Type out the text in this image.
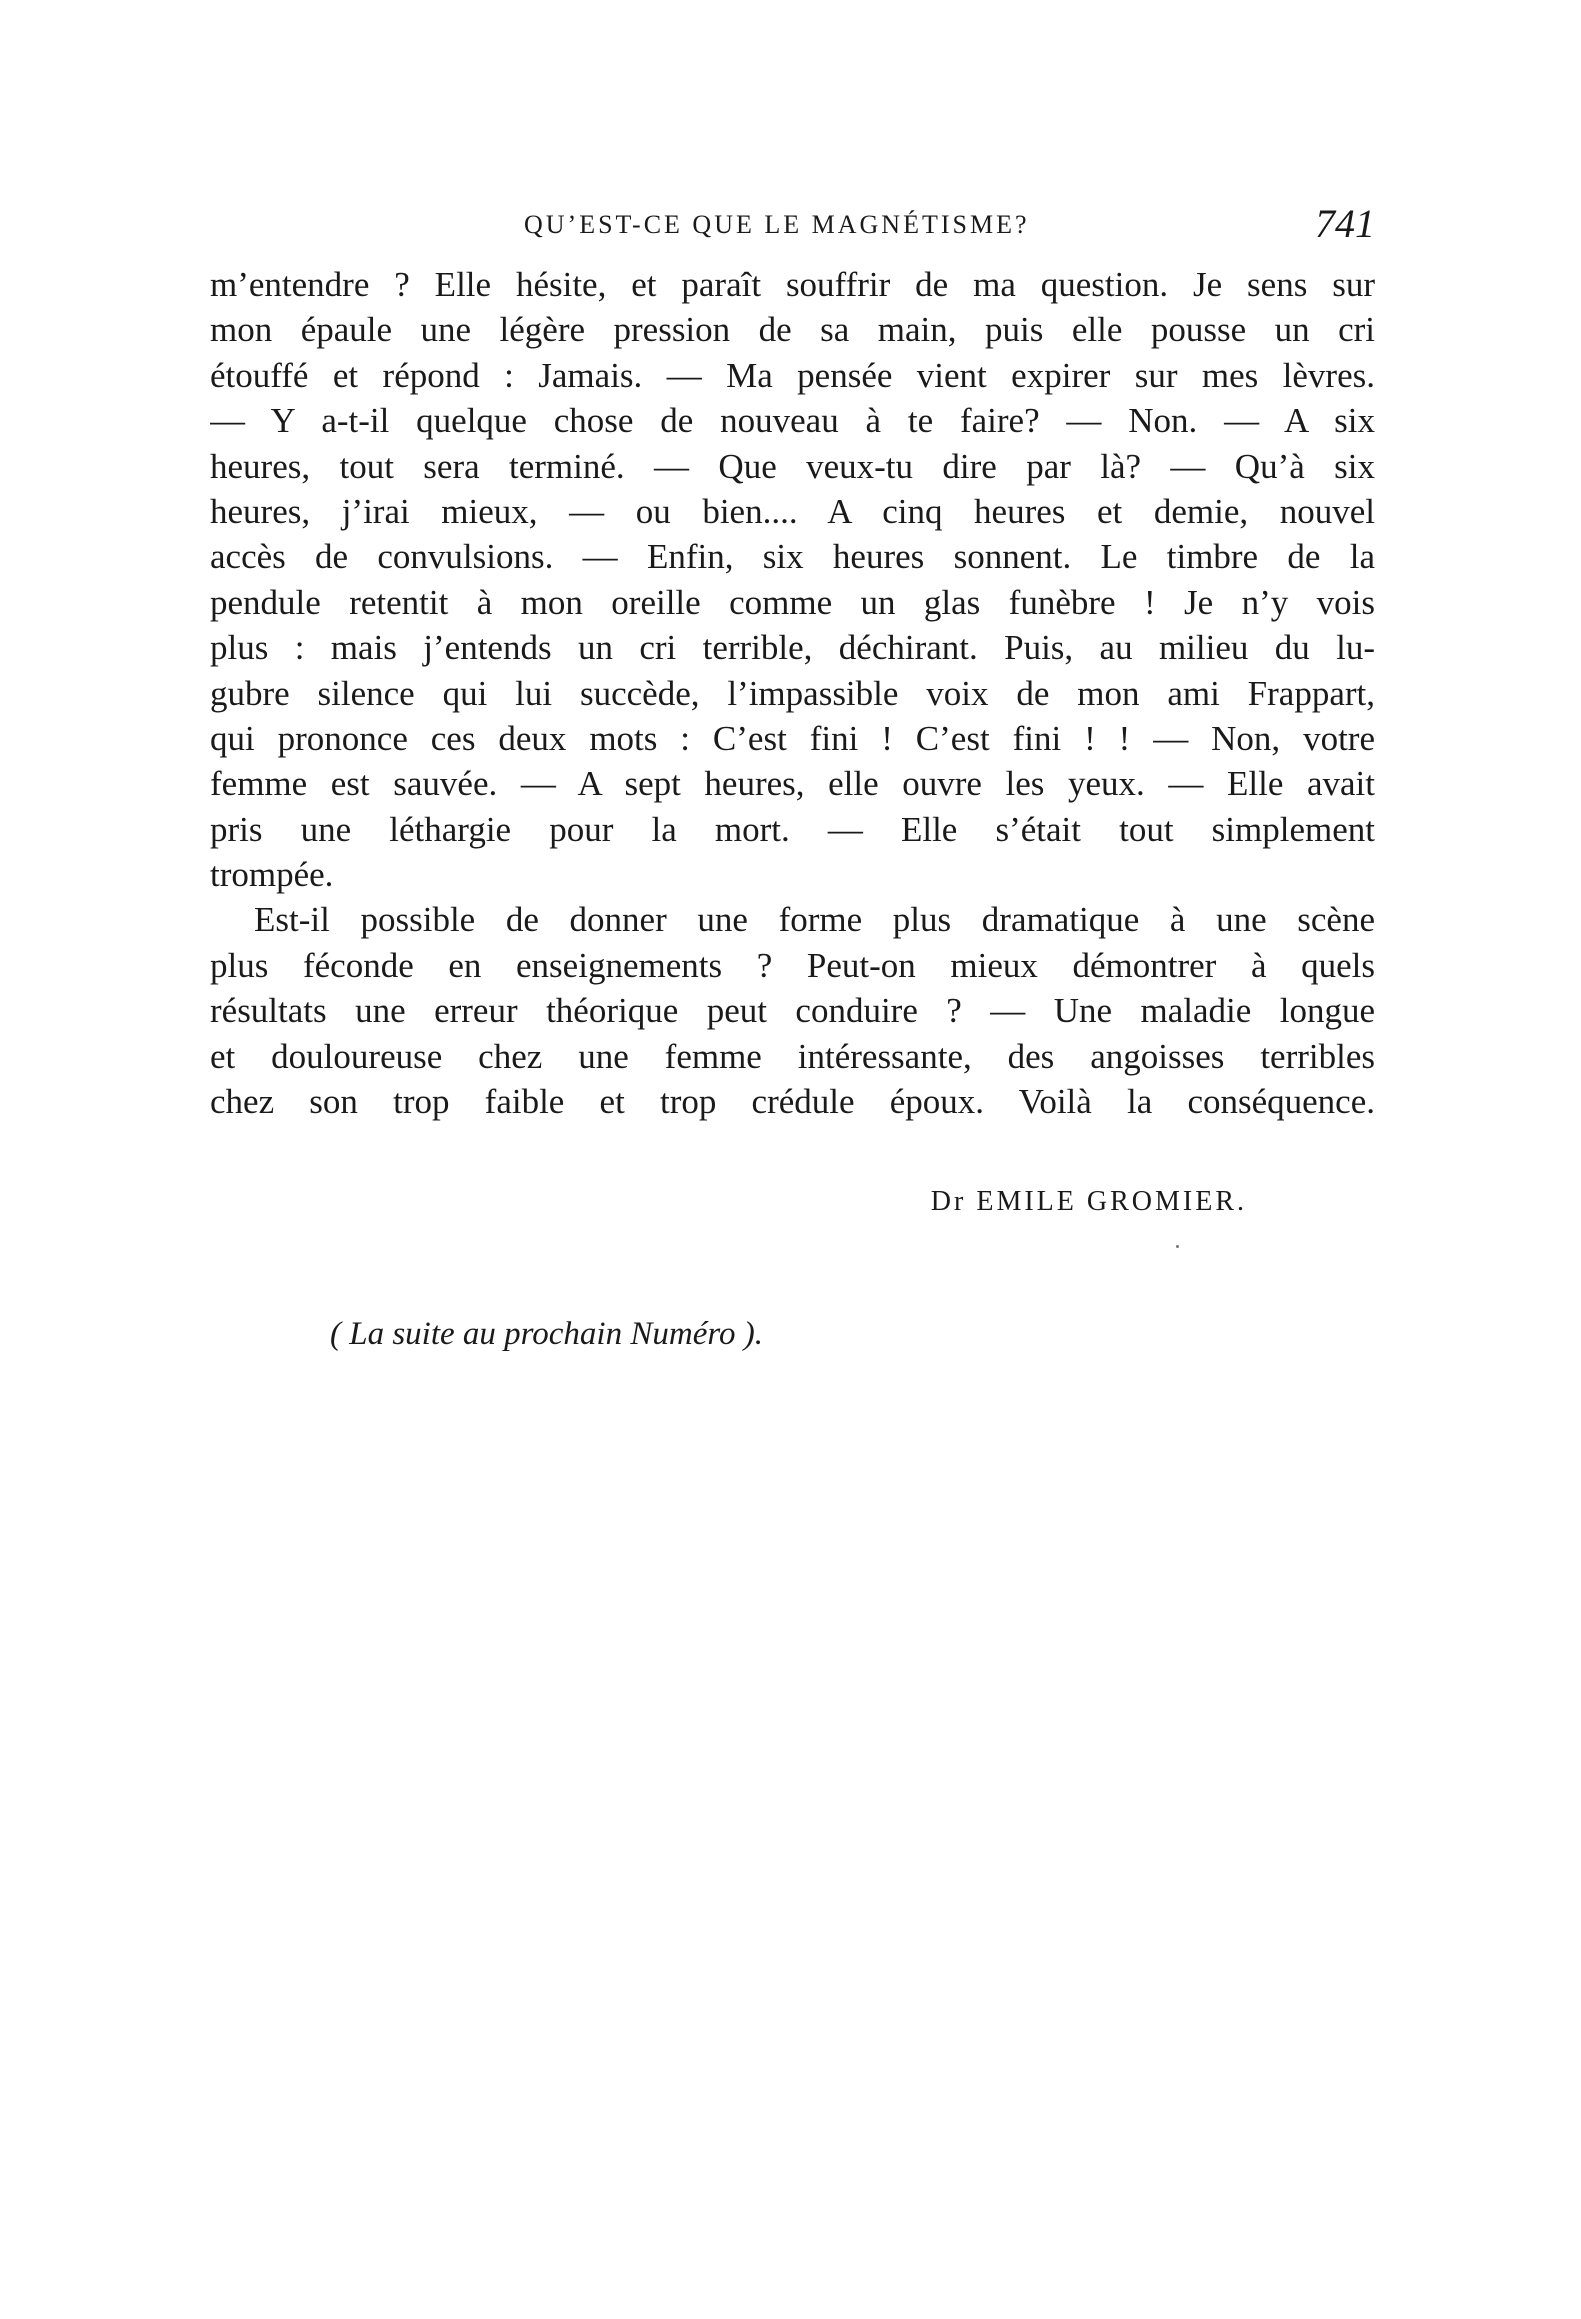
QU’EST-CE QUE LE MAGNÉTISME?	741
m’entendre ? Elle hésite, et paraît souffrir de ma question. Je sens sur
mon épaule une légère pression de sa main, puis elle pousse un cri
étouffé et répond : Jamais. — Ma pensée vient expirer sur mes lèvres.
— Y a-t-il quelque chose de nouveau à te faire? — Non. — A six
heures, tout sera terminé. — Que veux-tu dire par là? — Qu’à six
heures, j’irai mieux, — ou bien.... A cinq heures et demie, nouvel
accès de convulsions. — Enfin, six heures sonnent. Le timbre de la
pendule retentit à mon oreille comme un glas funèbre ! Je n’y vois
plus : mais j’entends un cri terrible, déchirant. Puis, au milieu du lu-
gubre silence qui lui succède, l’impassible voix de mon ami Frappart,
qui prononce ces deux mots : C’est fini ! C’est fini ! ! — Non, votre
femme est sauvée. — A sept heures, elle ouvre les yeux. — Elle avait
pris une léthargie pour la mort. — Elle s’était tout simplement
trompée.
Est-il possible de donner une forme plus dramatique à une scène
plus féconde en enseignements ? Peut-on mieux démontrer à quels
résultats une erreur théorique peut conduire ? — Une maladie longue
et douloureuse chez une femme intéressante, des angoisses terribles
chez son trop faible et trop crédule époux. Voilà la conséquence.
Dr EMILE GROMIER.
( La suite au prochain Numéro ).
